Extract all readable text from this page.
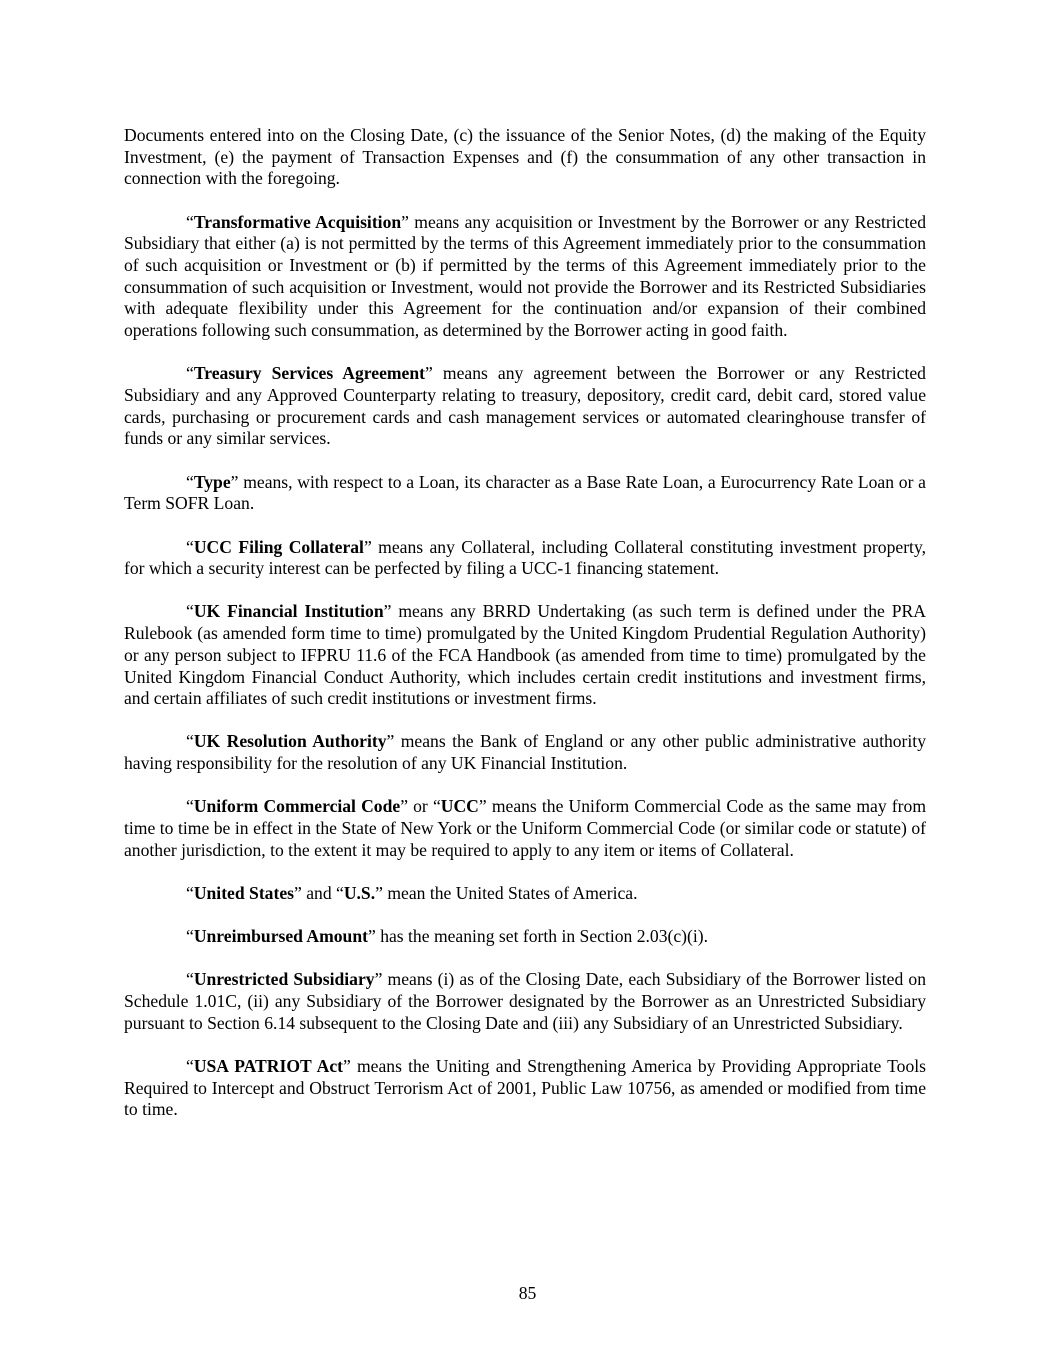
Documents entered into on the Closing Date, (c) the issuance of the Senior Notes, (d) the making of the Equity Investment, (e) the payment of Transaction Expenses and (f) the consummation of any other transaction in connection with the foregoing.

“Transformative Acquisition” means any acquisition or Investment by the Borrower or any Restricted Subsidiary that either (a) is not permitted by the terms of this Agreement immediately prior to the consummation of such acquisition or Investment or (b) if permitted by the terms of this Agreement immediately prior to the consummation of such acquisition or Investment, would not provide the Borrower and its Restricted Subsidiaries with adequate flexibility under this Agreement for the continuation and/or expansion of their combined operations following such consummation, as determined by the Borrower acting in good faith.

“Treasury Services Agreement” means any agreement between the Borrower or any Restricted Subsidiary and any Approved Counterparty relating to treasury, depository, credit card, debit card, stored value cards, purchasing or procurement cards and cash management services or automated clearinghouse transfer of funds or any similar services.

“Type” means, with respect to a Loan, its character as a Base Rate Loan, a Eurocurrency Rate Loan or a Term SOFR Loan.

“UCC Filing Collateral” means any Collateral, including Collateral constituting investment property, for which a security interest can be perfected by filing a UCC-1 financing statement.

“UK Financial Institution” means any BRRD Undertaking (as such term is defined under the PRA Rulebook (as amended form time to time) promulgated by the United Kingdom Prudential Regulation Authority) or any person subject to IFPRU 11.6 of the FCA Handbook (as amended from time to time) promulgated by the United Kingdom Financial Conduct Authority, which includes certain credit institutions and investment firms, and certain affiliates of such credit institutions or investment firms.

“UK Resolution Authority” means the Bank of England or any other public administrative authority having responsibility for the resolution of any UK Financial Institution.

“Uniform Commercial Code” or “UCC” means the Uniform Commercial Code as the same may from time to time be in effect in the State of New York or the Uniform Commercial Code (or similar code or statute) of another jurisdiction, to the extent it may be required to apply to any item or items of Collateral.

“United States” and “U.S.” mean the United States of America.

“Unreimbursed Amount” has the meaning set forth in Section 2.03(c)(i).

“Unrestricted Subsidiary” means (i) as of the Closing Date, each Subsidiary of the Borrower listed on Schedule 1.01C, (ii) any Subsidiary of the Borrower designated by the Borrower as an Unrestricted Subsidiary pursuant to Section 6.14 subsequent to the Closing Date and (iii) any Subsidiary of an Unrestricted Subsidiary.

“USA PATRIOT Act” means the Uniting and Strengthening America by Providing Appropriate Tools Required to Intercept and Obstruct Terrorism Act of 2001, Public Law 10756, as amended or modified from time to time.

85
